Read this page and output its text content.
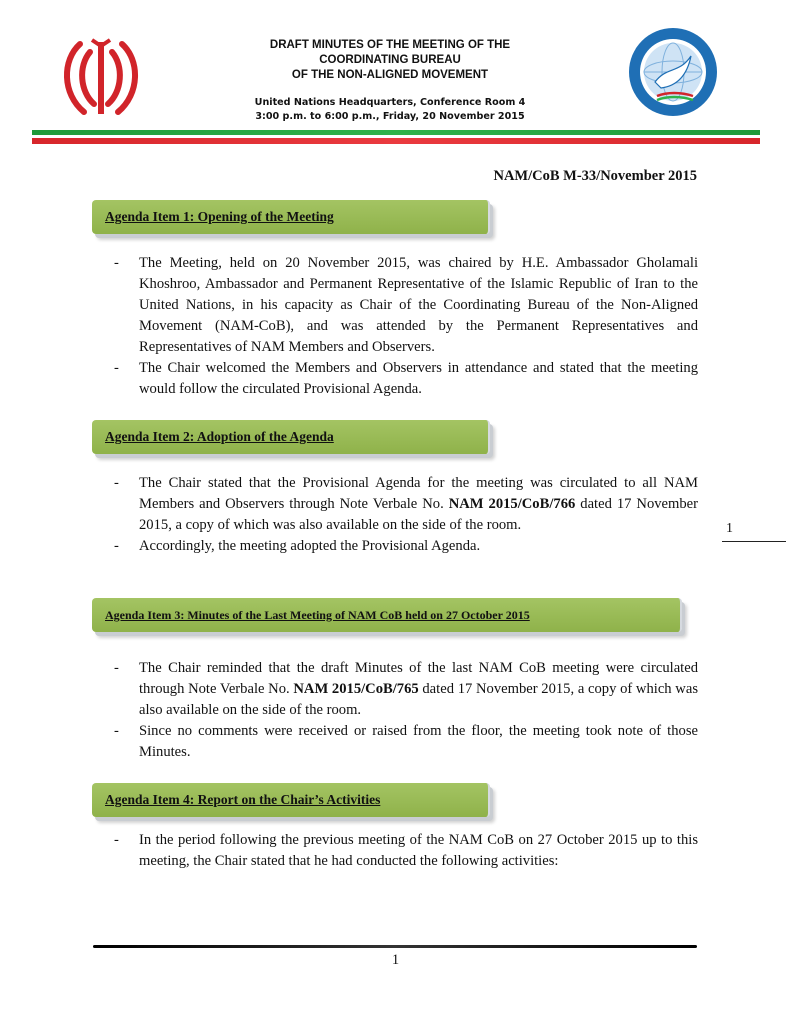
DRAFT MINUTES OF THE MEETING OF THE
COORDINATING BUREAU
OF THE NON-ALIGNED MOVEMENT
United Nations Headquarters, Conference Room 4
3:00 p.m. to 6:00 p.m., Friday, 20 November 2015
NAM/CoB M-33/November 2015
Agenda Item 1: Opening of the Meeting
-	The Meeting, held on 20 November 2015, was chaired by H.E. Ambassador Gholamali Khoshroo, Ambassador and Permanent Representative of the Islamic Republic of Iran to the United Nations, in his capacity as Chair of the Coordinating Bureau of the Non-Aligned Movement (NAM-CoB), and was attended by the Permanent Representatives and Representatives of NAM Members and Observers.
-	The Chair welcomed the Members and Observers in attendance and stated that the meeting would follow the circulated Provisional Agenda.
Agenda Item 2: Adoption of the Agenda
-	The Chair stated that the Provisional Agenda for the meeting was circulated to all NAM Members and Observers through Note Verbale No. NAM 2015/CoB/766 dated 17 November 2015, a copy of which was also available on the side of the room.
-	Accordingly, the meeting adopted the Provisional Agenda.
1
Agenda Item 3: Minutes of the Last Meeting of NAM CoB held on 27 October 2015
-	The Chair reminded that the draft Minutes of the last NAM CoB meeting were circulated through Note Verbale No. NAM 2015/CoB/765 dated 17 November 2015, a copy of which was also available on the side of the room.
-	Since no comments were received or raised from the floor, the meeting took note of those Minutes.
Agenda Item 4: Report on the Chair’s Activities
-	In the period following the previous meeting of the NAM CoB on 27 October 2015 up to this meeting, the Chair stated that he had conducted the following activities:
1
